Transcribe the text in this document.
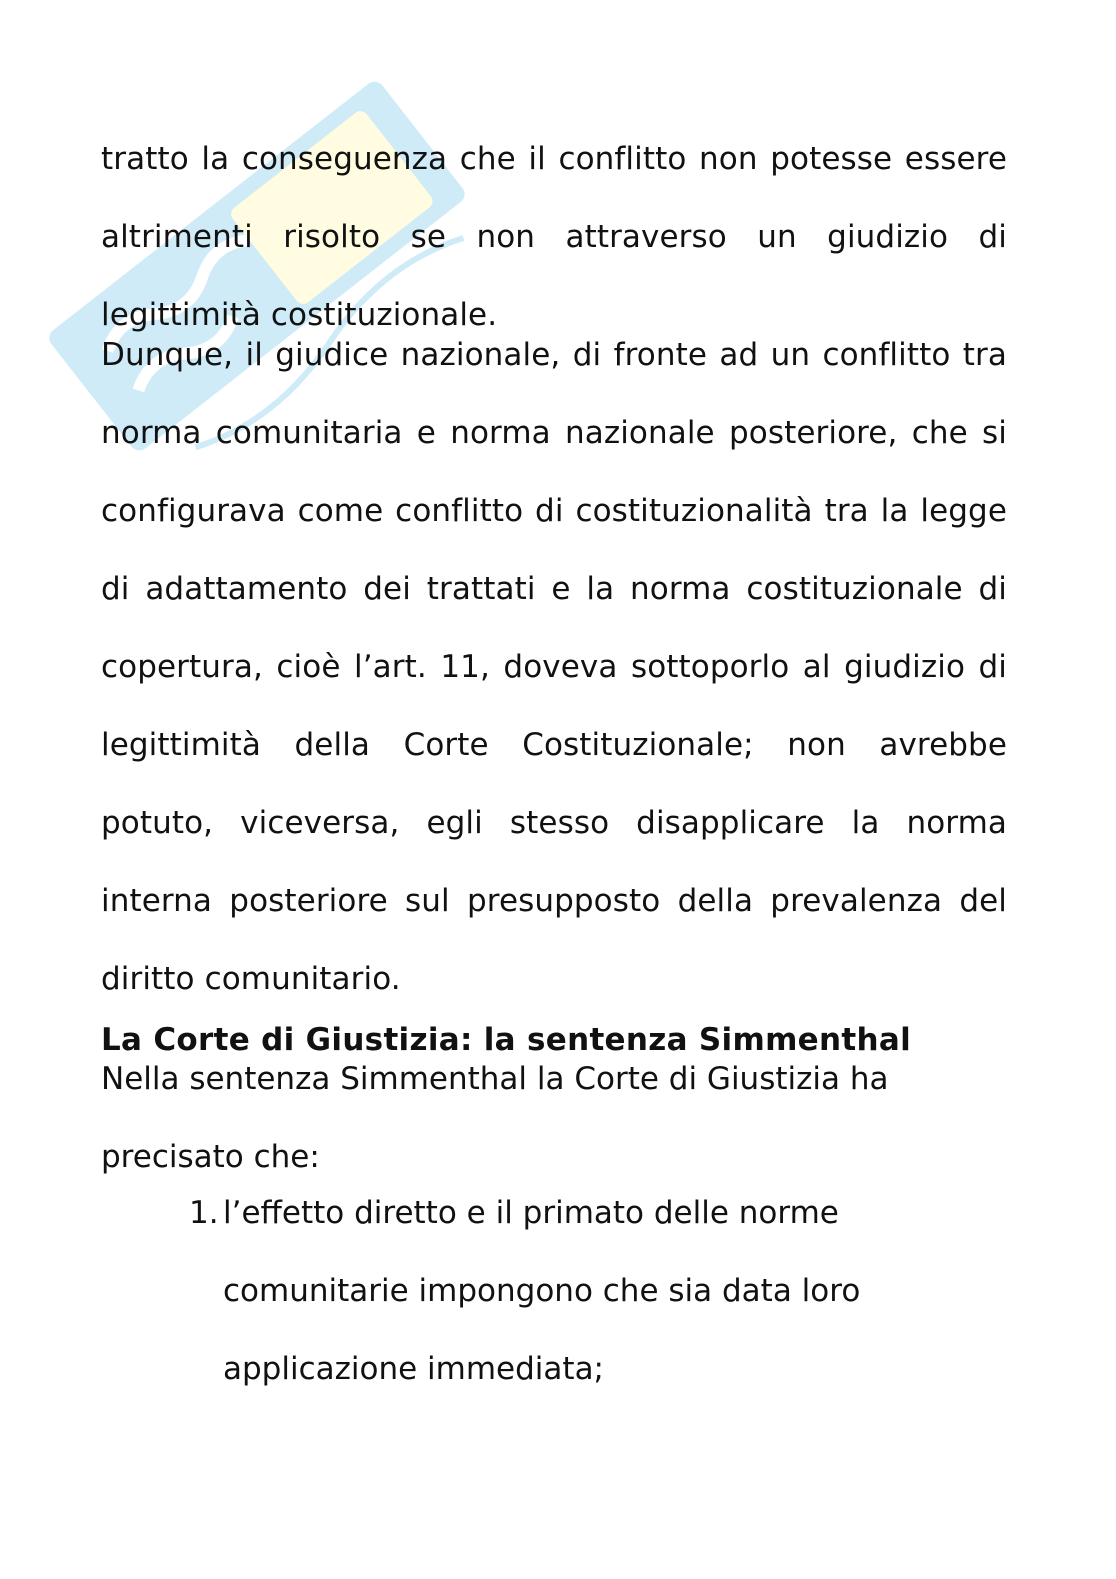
tratto la conseguenza che il conflitto non potesse essere altrimenti risolto se non attraverso un giudizio di legittimità costituzionale.

Dunque, il giudice nazionale, di fronte ad un conflitto tra norma comunitaria e norma nazionale posteriore, che si configurava come conflitto di costituzionalità tra la legge di adattamento dei trattati e la norma costituzionale di copertura, cioè l’art. 11, doveva sottoporlo al giudizio di legittimità della Corte Costituzionale; non avrebbe potuto, viceversa, egli stesso disapplicare la norma interna posteriore sul presupposto della prevalenza del diritto comunitario.

La Corte di Giustizia: la sentenza Simmenthal

Nella sentenza Simmenthal la Corte di Giustizia ha precisato che:

1. l’effetto diretto e il primato delle norme comunitarie impongono che sia data loro applicazione immediata;
